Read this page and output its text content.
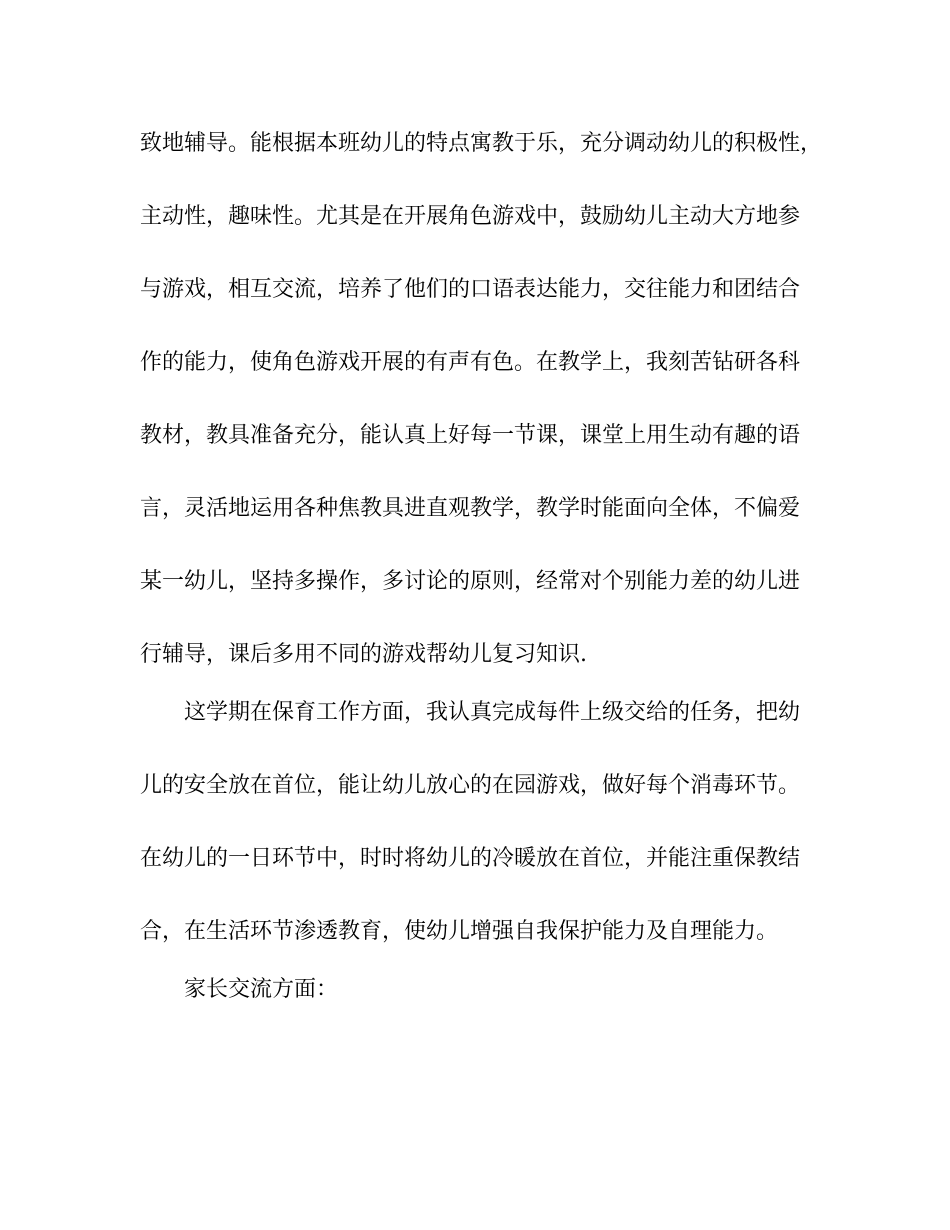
致地辅导。能根据本班幼儿的特点寓教于乐，充分调动幼儿的积极性，
主动性，趣味性。尤其是在开展角色游戏中，鼓励幼儿主动大方地参
与游戏，相互交流，培养了他们的口语表达能力，交往能力和团结合
作的能力，使角色游戏开展的有声有色。在教学上，我刻苦钻研各科
教材，教具准备充分，能认真上好每一节课，课堂上用生动有趣的语
言，灵活地运用各种焦教具进直观教学，教学时能面向全体，不偏爱
某一幼儿，坚持多操作，多讨论的原则，经常对个别能力差的幼儿进
行辅导，课后多用不同的游戏帮幼儿复习知识.
这学期在保育工作方面，我认真完成每件上级交给的任务，把幼
儿的安全放在首位，能让幼儿放心的在园游戏，做好每个消毒环节。
在幼儿的一日环节中，时时将幼儿的冷暖放在首位，并能注重保教结
合，在生活环节渗透教育，使幼儿增强自我保护能力及自理能力。
家长交流方面：
